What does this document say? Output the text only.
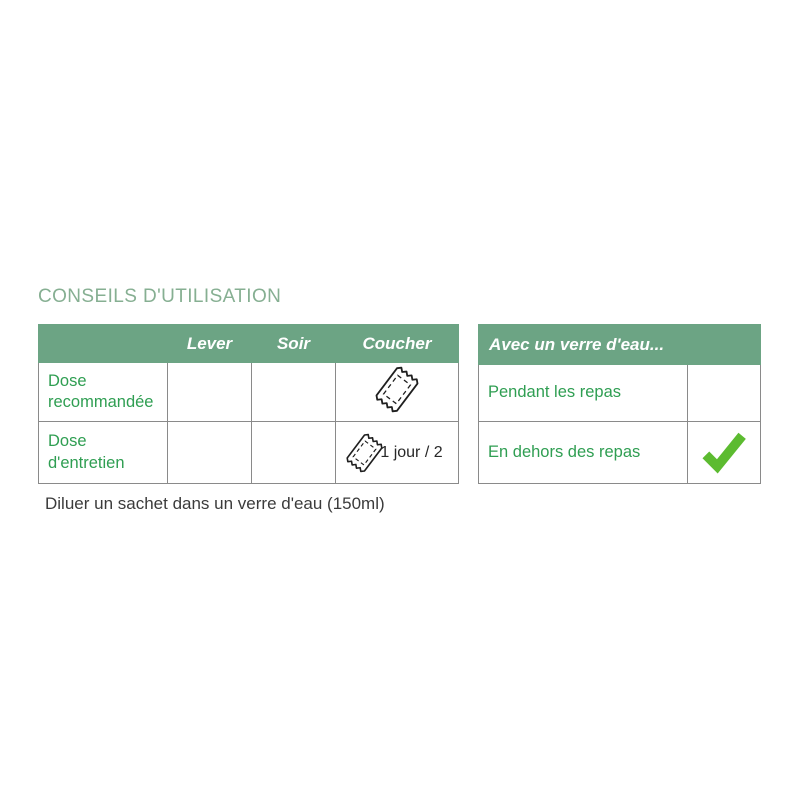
CONSEILS D'UTILISATION
	Lever	Soir	Coucher
Dose recommandée			

Dose d'entretien			1 jour / 2
Avec un verre d'eau...	
Pendant les repas	
En dehors des repas	
Diluer un sachet dans un verre d'eau (150ml)
